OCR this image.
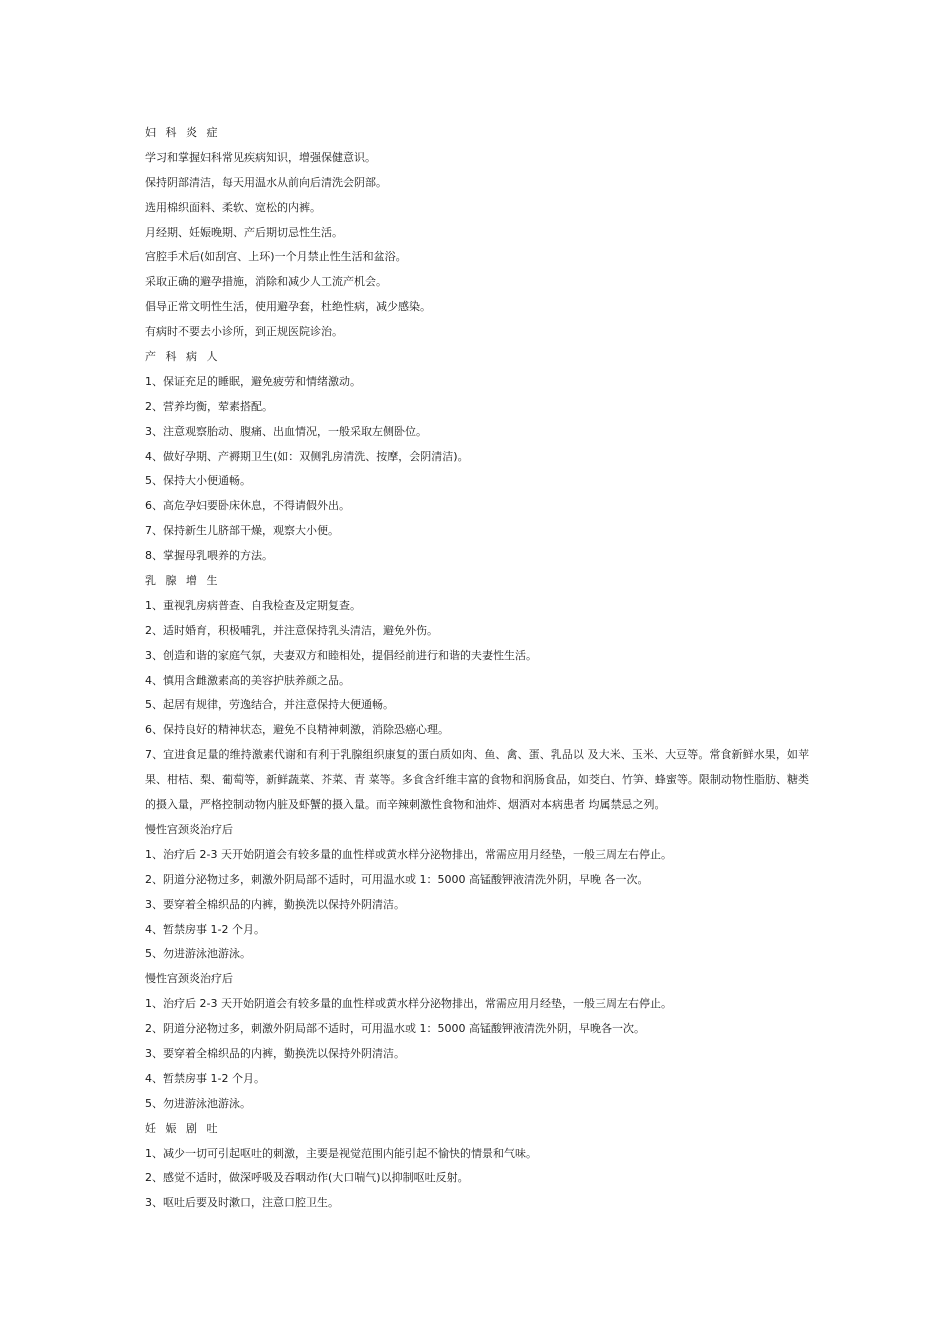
妇 科 炎 症

学习和掌握妇科常见疾病知识，增强保健意识。

保持阴部清洁，每天用温水从前向后清洗会阴部。

选用棉织面料、柔软、宽松的内裤。

月经期、妊娠晚期、产后期切忌性生活。

宫腔手术后(如刮宫、上环)一个月禁止性生活和盆浴。

采取正确的避孕措施，消除和减少人工流产机会。

倡导正常文明性生活，使用避孕套，杜绝性病，减少感染。

有病时不要去小诊所，到正规医院诊治。

产 科 病 人

1、保证充足的睡眠，避免疲劳和情绪激动。

2、营养均衡，荤素搭配。

3、注意观察胎动、腹痛、出血情况，一般采取左侧卧位。

4、做好孕期、产褥期卫生(如：双侧乳房清洗、按摩，会阴清洁)。

5、保持大小便通畅。

6、高危孕妇要卧床休息，不得请假外出。

7、保持新生儿脐部干燥，观察大小便。

8、掌握母乳喂养的方法。

乳 腺 增 生

1、重视乳房病普查、自我检查及定期复查。

2、适时婚育，积极哺乳，并注意保持乳头清洁，避免外伤。

3、创造和谐的家庭气氛，夫妻双方和睦相处，提倡经前进行和谐的夫妻性生活。

4、慎用含雌激素高的美容护肤养颜之品。

5、起居有规律，劳逸结合，并注意保持大便通畅。

6、保持良好的精神状态，避免不良精神刺激，消除恐癌心理。

7、宜进食足量的维持激素代谢和有利于乳腺组织康复的蛋白质如肉、鱼、禽、蛋、乳品以 及大米、玉米、大豆等。常食新鲜水果，如苹果、柑桔、梨、葡萄等，新鲜蔬菜、芥菜、青 菜等。多食含纤维丰富的食物和润肠食品，如茭白、竹笋、蜂蜜等。限制动物性脂肪、糖类 的摄入量，严格控制动物内脏及虾蟹的摄入量。而辛辣刺激性食物和油炸、烟酒对本病患者 均属禁忌之列。

慢性宫颈炎治疗后

1、治疗后 2-3 天开始阴道会有较多量的血性样或黄水样分泌物排出，常需应用月经垫，一般三周左右停止。

2、阴道分泌物过多，刺激外阴局部不适时，可用温水或 1：5000 高锰酸钾液清洗外阴，早晚 各一次。

3、要穿着全棉织品的内裤，勤换洗以保持外阴清洁。

4、暂禁房事 1-2 个月。

5、勿进游泳池游泳。

慢性宫颈炎治疗后

1、治疗后 2-3 天开始阴道会有较多量的血性样或黄水样分泌物排出，常需应用月经垫，一般三周左右停止。

2、阴道分泌物过多，刺激外阴局部不适时，可用温水或 1：5000 高锰酸钾液清洗外阴，早晚各一次。

3、要穿着全棉织品的内裤，勤换洗以保持外阴清洁。

4、暂禁房事 1-2 个月。

5、勿进游泳池游泳。

妊 娠 剧 吐

1、减少一切可引起呕吐的刺激，主要是视觉范围内能引起不愉快的情景和气味。

2、感觉不适时，做深呼吸及吞咽动作(大口喘气)以抑制呕吐反射。

3、呕吐后要及时漱口，注意口腔卫生。
